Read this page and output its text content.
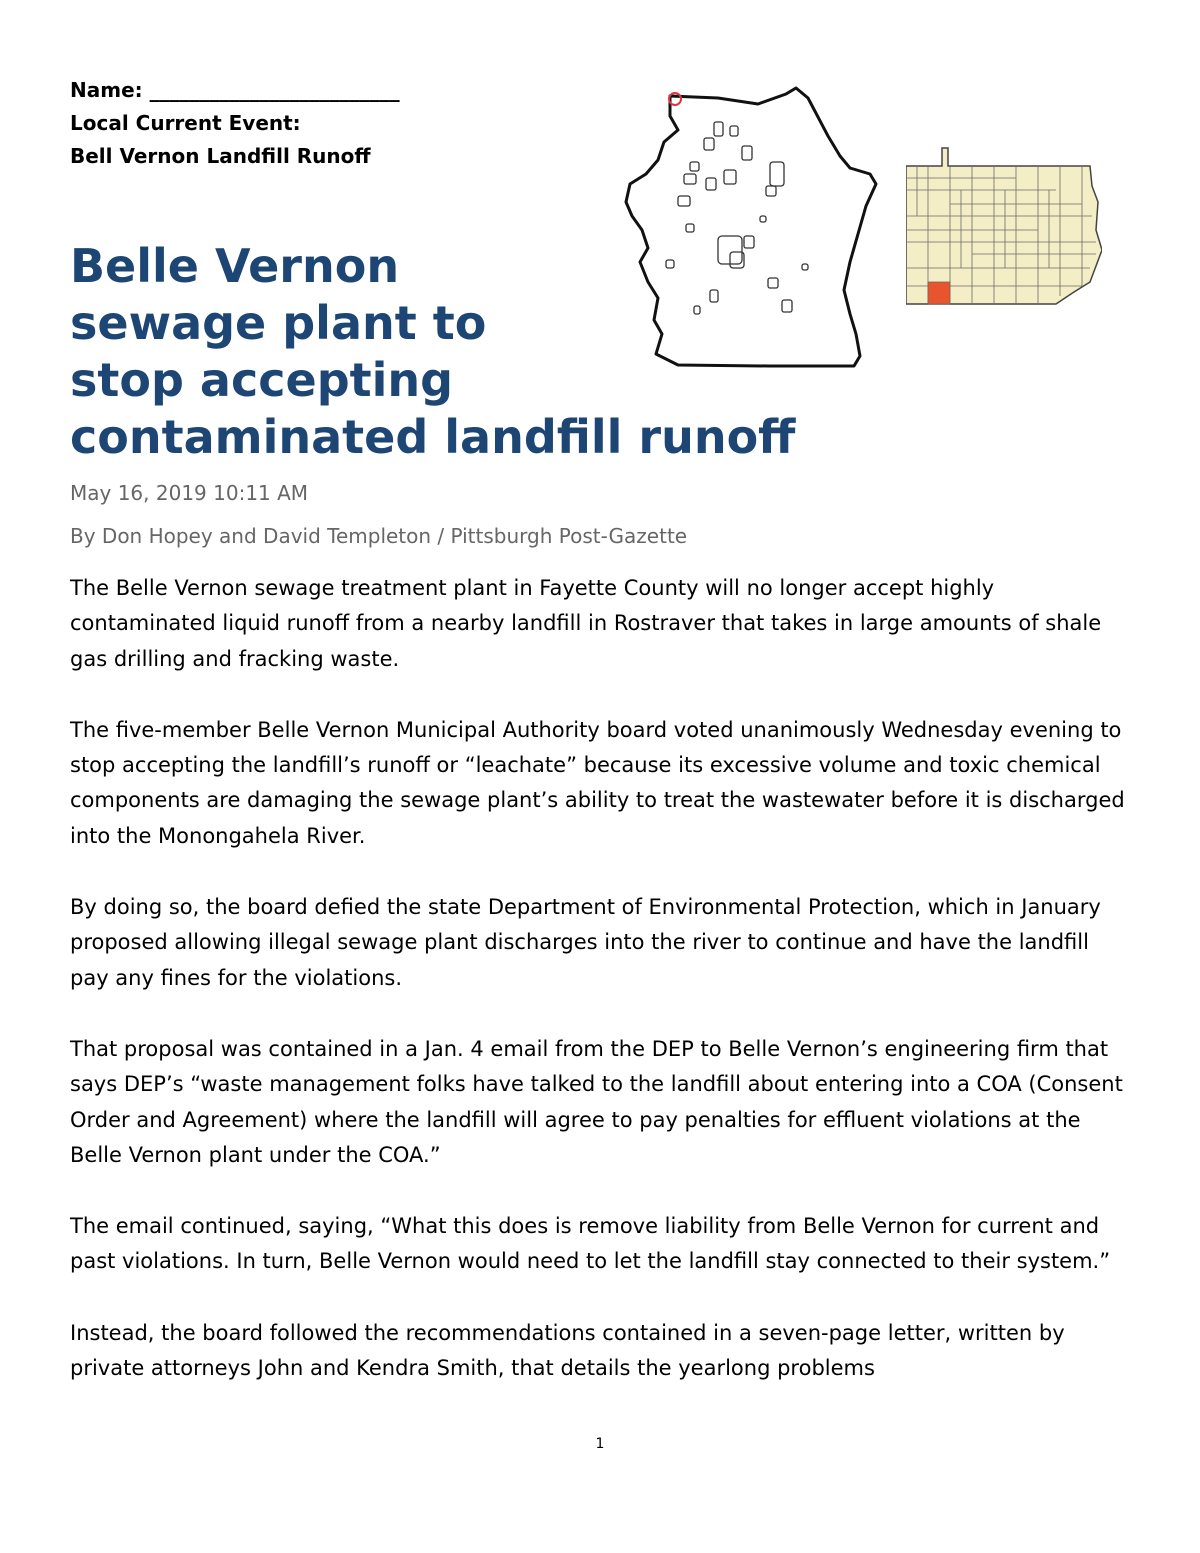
Name: _________________________
Local Current Event:
Bell Vernon Landfill Runoff
Belle Vernon
sewage plant to
stop accepting
contaminated landfill runoff
May 16, 2019 10:11 AM
By Don Hopey and David Templeton / Pittsburgh Post-Gazette

The Belle Vernon sewage treatment plant in Fayette County will no longer accept highly contaminated liquid runoff from a nearby landfill in Rostraver that takes in large amounts of shale gas drilling and fracking waste.

The five-member Belle Vernon Municipal Authority board voted unanimously Wednesday evening to stop accepting the landfill’s runoff or “leachate” because its excessive volume and toxic chemical components are damaging the sewage plant’s ability to treat the wastewater before it is discharged into the Monongahela River.

By doing so, the board defied the state Department of Environmental Protection, which in January proposed allowing illegal sewage plant discharges into the river to continue and have the landfill pay any fines for the violations.

That proposal was contained in a Jan. 4 email from the DEP to Belle Vernon’s engineering firm that says DEP’s “waste management folks have talked to the landfill about entering into a COA (Consent Order and Agreement) where the landfill will agree to pay penalties for effluent violations at the Belle Vernon plant under the COA.”

The email continued, saying, “What this does is remove liability from Belle Vernon for current and past violations. In turn, Belle Vernon would need to let the landfill stay connected to their system.”

Instead, the board followed the recommendations contained in a seven-page letter, written by private attorneys John and Kendra Smith, that details the yearlong problems

1
